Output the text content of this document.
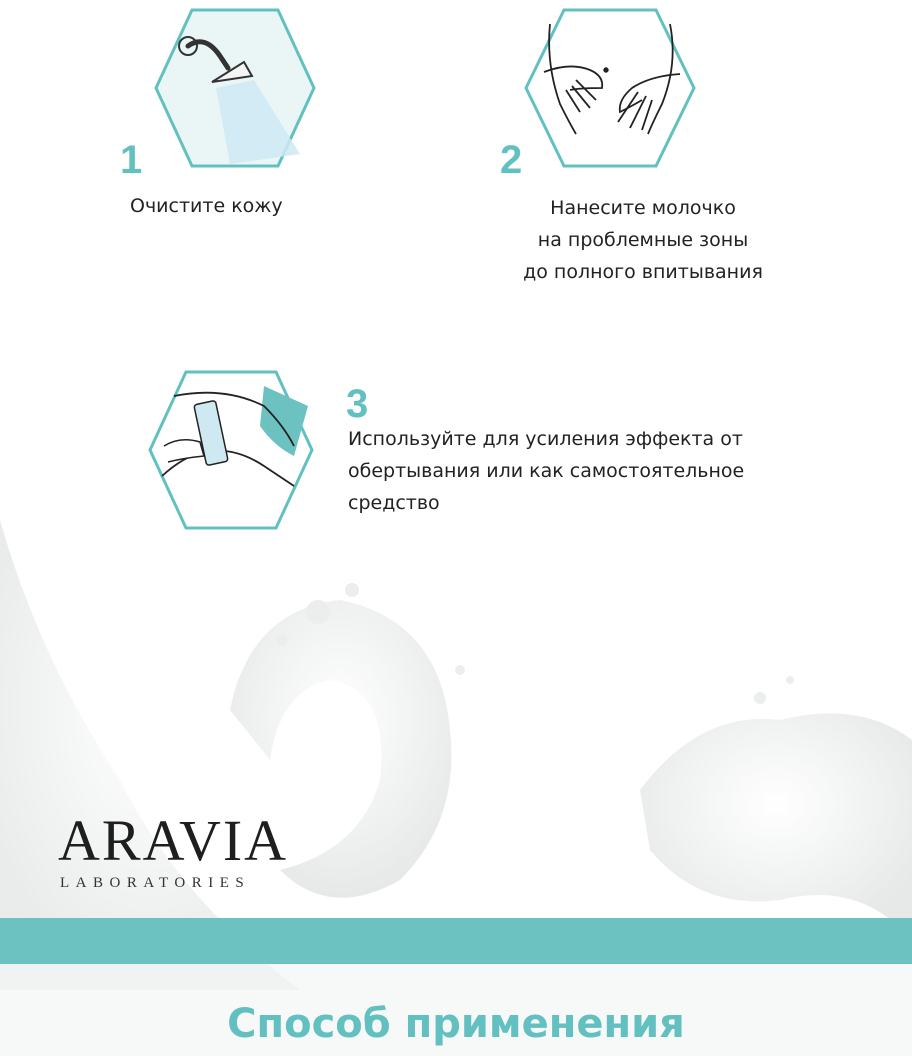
1	2
3
Очистите кожу	Нанесите молочко
на проблемные зоны
до полного впитывания
Используйте для усиления эффекта от
обертывания или как самостоятельное
средство
ARAVIA
LABORATORIES
Способ применения
